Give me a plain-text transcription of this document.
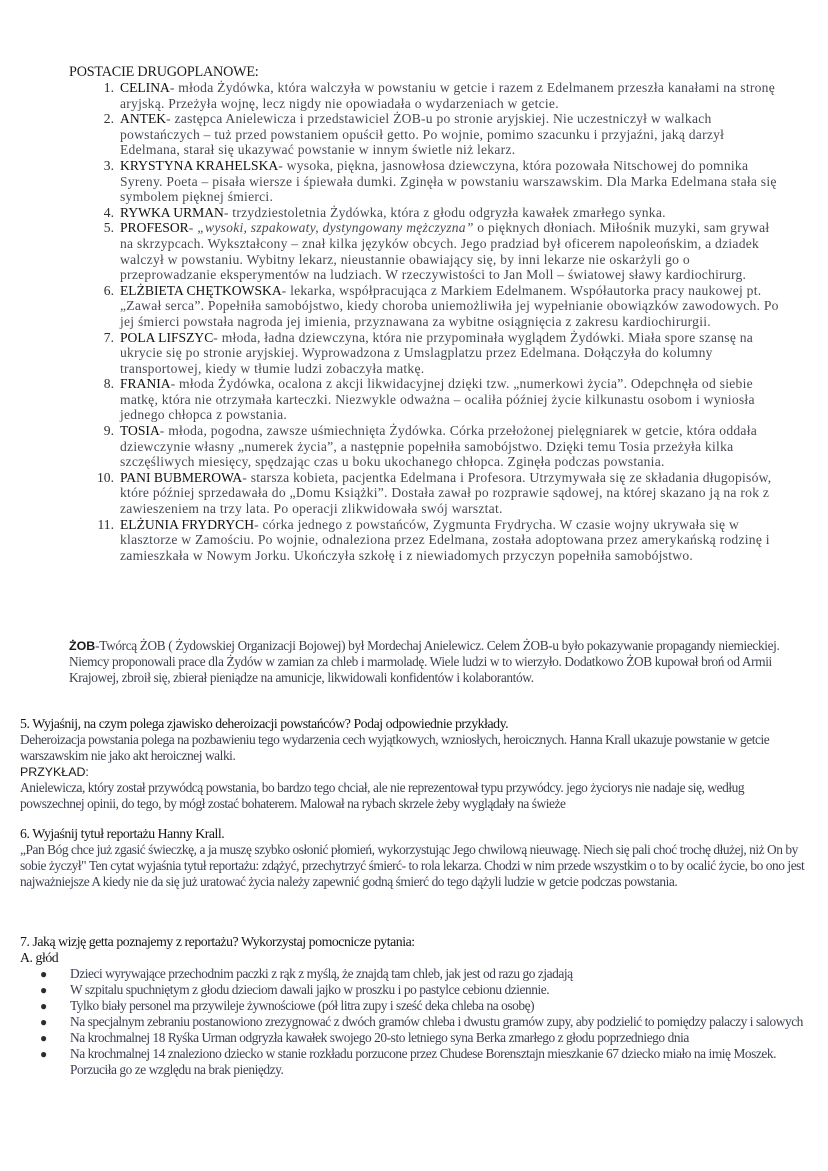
POSTACIE DRUGOPLANOWE:
1. CELINA- młoda Żydówka, która walczyła w powstaniu w getcie i razem z Edelmanem przeszła kanałami na stronę aryjską. Przeżyła wojnę, lecz nigdy nie opowiadała o wydarzeniach w getcie.
2. ANTEK- zastępca Anielewicza i przedstawiciel ŻOB-u po stronie aryjskiej. Nie uczestniczył w walkach powstańczych – tuż przed powstaniem opuścił getto. Po wojnie, pomimo szacunku i przyjaźni, jaką darzył Edelmana, starał się ukazywać powstanie w innym świetle niż lekarz.
3. KRYSTYNA KRAHELSKA- wysoka, piękna, jasnowłosa dziewczyna, która pozowała Nitschowej do pomnika Syreny. Poeta – pisała wiersze i śpiewała dumki. Zginęła w powstaniu warszawskim. Dla Marka Edelmana stała się symbolem pięknej śmierci.
4. RYWKA URMAN- trzydziestoletnia Żydówka, która z głodu odgryzła kawałek zmarłego synka.
5. PROFESOR- „wysoki, szpakowaty, dystyngowany mężczyzna” o pięknych dłoniach. Miłośnik muzyki, sam grywał na skrzypcach. Wykształcony – znał kilka języków obcych. Jego pradziad był oficerem napoleońskim, a dziadek walczył w powstaniu. Wybitny lekarz, nieustannie obawiający się, by inni lekarze nie oskarżyli go o przeprowadzanie eksperymentów na ludziach. W rzeczywistości to Jan Moll – światowej sławy kardiochirurg.
6. ELŻBIETA CHĘTKOWSKA- lekarka, współpracująca z Markiem Edelmanem. Współautorka pracy naukowej pt. „Zawał serca”. Popełniła samobójstwo, kiedy choroba uniemożliwiła jej wypełnianie obowiązków zawodowych. Po jej śmierci powstała nagroda jej imienia, przyznawana za wybitne osiągnięcia z zakresu kardiochirurgii.
7. POLA LIFSZYC- młoda, ładna dziewczyna, która nie przypominała wyglądem Żydówki. Miała spore szansę na ukrycie się po stronie aryjskiej. Wyprowadzona z Umslagplatzu przez Edelmana. Dołączyła do kolumny transportowej, kiedy w tłumie ludzi zobaczyła matkę.
8. FRANIA- młoda Żydówka, ocalona z akcji likwidacyjnej dzięki tzw. „numerkowi życia”. Odepchnęła od siebie matkę, która nie otrzymała karteczki. Niezwykle odważna – ocaliła później życie kilkunastu osobom i wyniosła jednego chłopca z powstania.
9. TOSIA- młoda, pogodna, zawsze uśmiechnięta Żydówka. Córka przełożonej pielęgniarek w getcie, która oddała dziewczynie własny „numerek życia”, a następnie popełniła samobójstwo. Dzięki temu Tosia przeżyła kilka szczęśliwych miesięcy, spędzając czas u boku ukochanego chłopca. Zginęła podczas powstania.
10. PANI BUBMEROWA- starsza kobieta, pacjentka Edelmana i Profesora. Utrzymywała się ze składania długopisów, które później sprzedawała do „Domu Książki”. Dostała zawał po rozprawie sądowej, na której skazano ją na rok z zawieszeniem na trzy lata. Po operacji zlikwidowała swój warsztat.
11. ELŻUNIA FRYDRYCH- córka jednego z powstańców, Zygmunta Frydrycha. W czasie wojny ukrywała się w klasztorze w Zamościu. Po wojnie, odnaleziona przez Edelmana, została adoptowana przez amerykańską rodzinę i zamieszkała w Nowym Jorku. Ukończyła szkołę i z niewiadomych przyczyn popełniła samobójstwo.

ŻOB-Twórcą ŻOB ( Żydowskiej Organizacji Bojowej) był Mordechaj Anielewicz. Celem ŻOB-u było pokazywanie propagandy niemieckiej. Niemcy proponowali prace dla Żydów w zamian za chleb i marmoladę. Wiele ludzi w to wierzyło. Dodatkowo ŻOB kupował broń od Armii Krajowej, zbroił się, zbierał pieniądze na amunicje, likwidowali konfidentów i kolaborantów.

5. Wyjaśnij, na czym polega zjawisko deheroizacji powstańców? Podaj odpowiednie przykłady.

Deheroizacja powstania polega na pozbawieniu tego wydarzenia cech wyjątkowych, wzniosłych, heroicznych. Hanna Krall ukazuje powstanie w getcie warszawskim nie jako akt heroicznej walki.

PRZYKŁAD:

Anielewicza, który został przywódcą powstania, bo bardzo tego chciał, ale nie reprezentował typu przywódcy. jego życiorys nie nadaje się, według powszechnej opinii, do tego, by mógł zostać bohaterem. Malował na rybach skrzele żeby wyglądały na świeże

6. Wyjaśnij tytuł reportażu Hanny Krall.

„Pan Bóg chce już zgasić świeczkę, a ja muszę szybko osłonić płomień, wykorzystując Jego chwilową nieuwagę. Niech się pali choć trochę dłużej, niż On by sobie życzył" Ten cytat wyjaśnia tytuł reportażu: zdążyć, przechytrzyć śmierć- to rola lekarza. Chodzi w nim przede wszystkim o to by ocalić życie, bo ono jest najważniejsze A kiedy nie da się już uratować życia należy zapewnić godną śmierć do tego dążyli ludzie w getcie podczas powstania.

7. Jaką wizję getta poznajemy z reportażu? Wykorzystaj pomocnicze pytania:

A. głód

● Dzieci wyrywające przechodnim paczki z rąk z myślą, że znajdą tam chleb, jak jest od razu go zjadają
● W szpitalu spuchniętym z głodu dzieciom dawali jajko w proszku i po pastylce cebionu dziennie.
● Tylko biały personel ma przywileje żywnościowe (pół litra zupy i sześć deka chleba na osobę)
● Na specjalnym zebraniu postanowiono zrezygnować z dwóch gramów chleba i dwustu gramów zupy, aby podzielić to pomiędzy palaczy i salowych
● Na krochmalnej 18 Ryśka Urman odgryzła kawałek swojego 20-sto letniego syna Berka zmarłego z głodu poprzedniego dnia
● Na krochmalnej 14 znaleziono dziecko w stanie rozkładu porzucone przez Chudese Borensztajn mieszkanie 67 dziecko miało na imię Moszek. Porzuciła go ze względu na brak pieniędzy.
